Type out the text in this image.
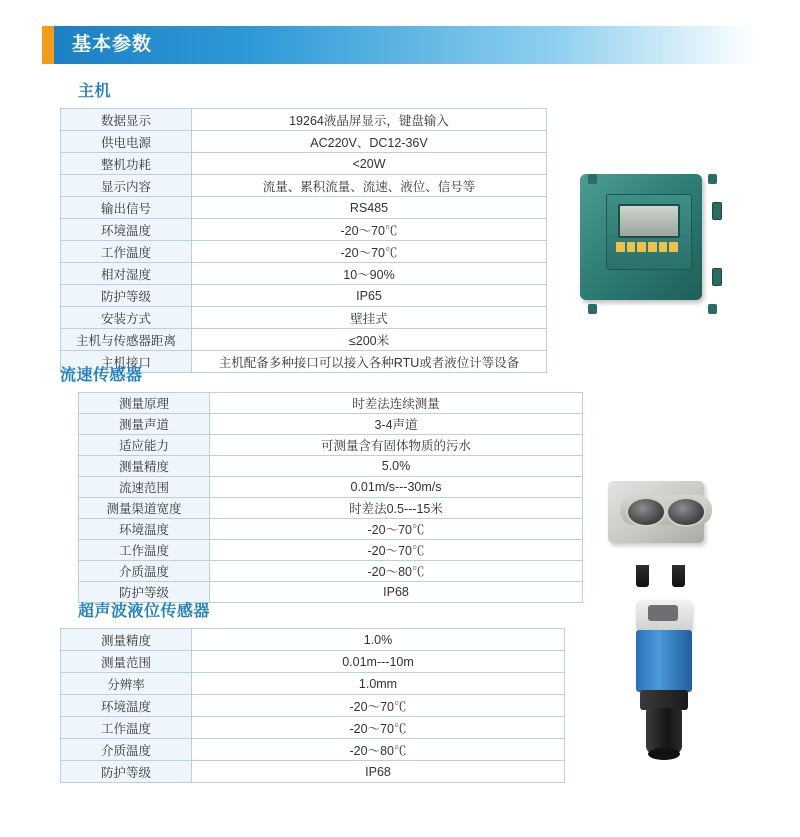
基本参数
主机
数据显示	19264液晶屏显示，键盘输入
供电电源	AC220V、DC12-36V
整机功耗	<20W
显示内容	流量、累积流量、流速、液位、信号等
输出信号	RS485
环境温度	-20～70℃
工作温度	-20～70℃
相对湿度	10～90%
防护等级	IP65
安装方式	壁挂式
主机与传感器距离	≤200米
主机接口	主机配备多种接口可以接入各种RTU或者液位计等设备
流速传感器
测量原理	时差法连续测量
测量声道	3-4声道
适应能力	可测量含有固体物质的污水
测量精度	5.0%
流速范围	0.01m/s---30m/s
测量渠道宽度	时差法0.5---15米
环境温度	-20～70℃
工作温度	-20～70℃
介质温度	-20～80℃
防护等级	IP68
超声波液位传感器
测量精度	1.0%
测量范围	0.01m---10m
分辨率	1.0mm
环境温度	-20～70℃
工作温度	-20～70℃
介质温度	-20～80℃
防护等级	IP68
